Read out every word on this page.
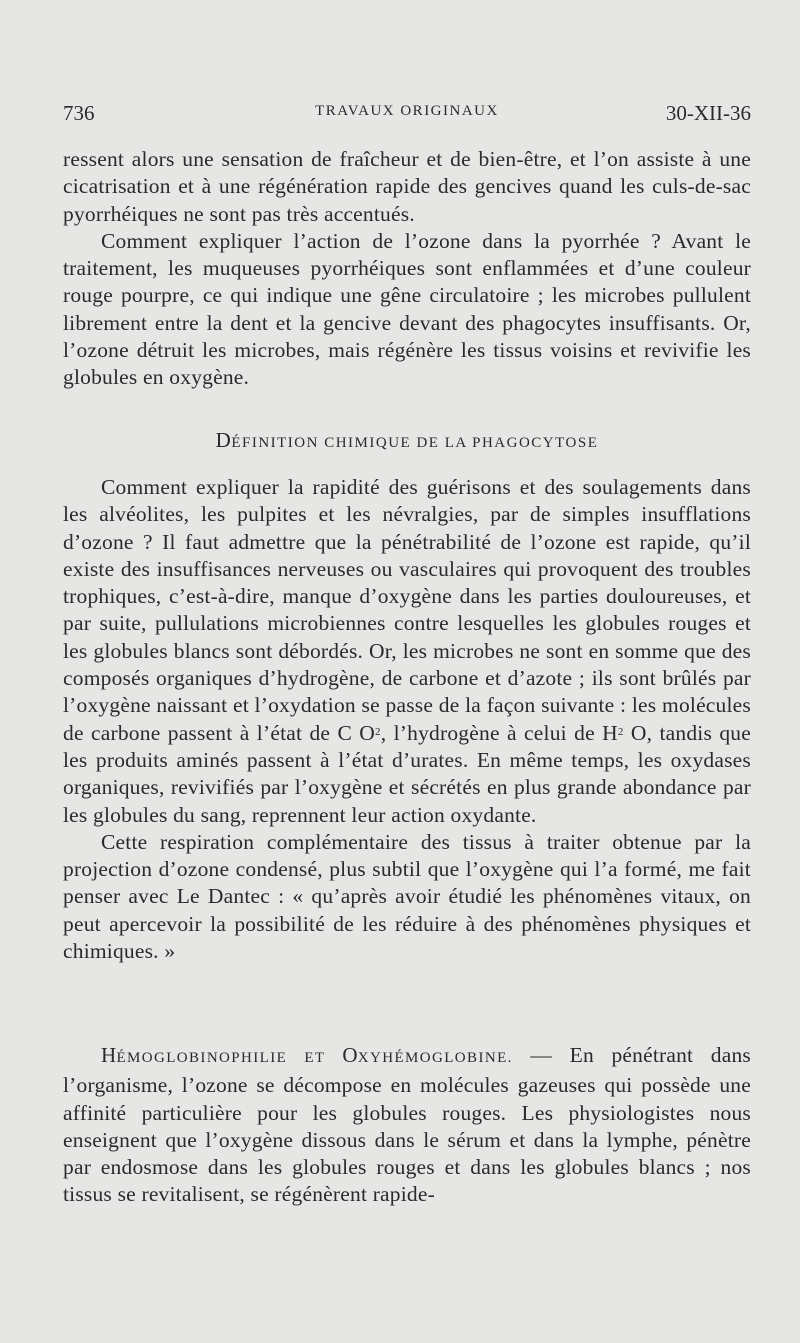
736	TRAVAUX ORIGINAUX	30-XII-36

ressent alors une sensation de fraîcheur et de bien-être, et l’on assiste à une cicatrisation et à une régénération rapide des gencives quand les culs-de-sac pyorrhéiques ne sont pas très accentués.

Comment expliquer l’action de l’ozone dans la pyorrhée ? Avant le traitement, les muqueuses pyorrhéiques sont enflammées et d’une couleur rouge pourpre, ce qui indique une gêne circulatoire ; les microbes pullulent librement entre la dent et la gencive devant des phagocytes insuffisants. Or, l’ozone détruit les microbes, mais régénère les tissus voisins et revivifie les globules en oxygène.

DÉFINITION CHIMIQUE DE LA PHAGOCYTOSE

Comment expliquer la rapidité des guérisons et des soulagements dans les alvéolites, les pulpites et les névralgies, par de simples insufflations d’ozone ? Il faut admettre que la pénétrabilité de l’ozone est rapide, qu’il existe des insuffisances nerveuses ou vasculaires qui provoquent des troubles trophiques, c’est-à-dire, manque d’oxygène dans les parties douloureuses, et par suite, pullulations microbiennes contre lesquelles les globules rouges et les globules blancs sont débordés. Or, les microbes ne sont en somme que des composés organiques d’hydrogène, de carbone et d’azote ; ils sont brûlés par l’oxygène naissant et l’oxydation se passe de la façon suivante : les molécules de carbone passent à l’état de C $O^2$, l’hydrogène à celui de $H^2$ O, tandis que les produits aminés passent à l’état d’urates. En même temps, les oxydases organiques, revivifiés par l’oxygène et sécrétés en plus grande abondance par les globules du sang, reprennent leur action oxydante.

Cette respiration complémentaire des tissus à traiter obtenue par la projection d’ozone condensé, plus subtil que l’oxygène qui l’a formé, me fait penser avec Le Dantec : « qu’après avoir étudié les phénomènes vitaux, on peut apercevoir la possibilité de les réduire à des phénomènes physiques et chimiques. »

HÉMOGLOBINOPHILIE ET OXYHÉMOGLOBINE. — En pénétrant dans l’organisme, l’ozone se décompose en molécules gazeuses qui possède une affinité particulière pour les globules rouges. Les physiologistes nous enseignent que l’oxygène dissous dans le sérum et dans la lymphe, pénètre par endosmose dans les globules rouges et dans les globules blancs ; nos tissus se revitalisent, se régénèrent rapide-
